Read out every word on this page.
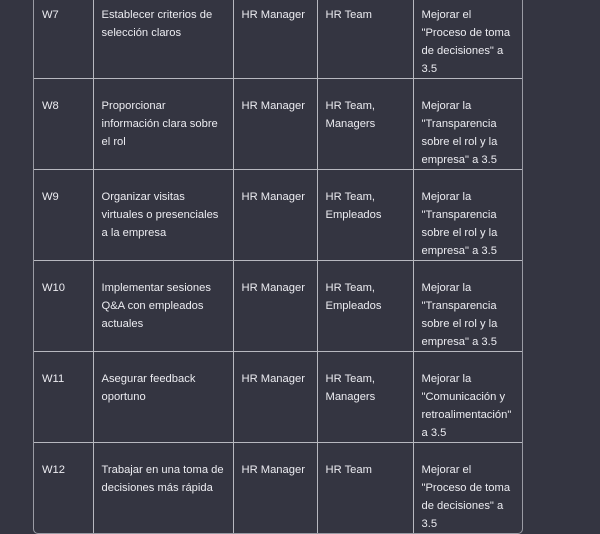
W7	Establecer criterios de selección claros	HR Manager	HR Team	Mejorar el "Proceso de toma de decisiones" a 3.5
W8	Proporcionar información clara sobre el rol	HR Manager	HR Team, Managers	Mejorar la "Transparencia sobre el rol y la empresa" a 3.5
W9	Organizar visitas virtuales o presenciales a la empresa	HR Manager	HR Team, Empleados	Mejorar la "Transparencia sobre el rol y la empresa" a 3.5
W10	Implementar sesiones Q&A con empleados actuales	HR Manager	HR Team, Empleados	Mejorar la "Transparencia sobre el rol y la empresa" a 3.5
W11	Asegurar feedback oportuno	HR Manager	HR Team, Managers	Mejorar la "Comunicación y retroalimentación" a 3.5
W12	Trabajar en una toma de decisiones más rápida	HR Manager	HR Team	Mejorar el "Proceso de toma de decisiones" a 3.5
